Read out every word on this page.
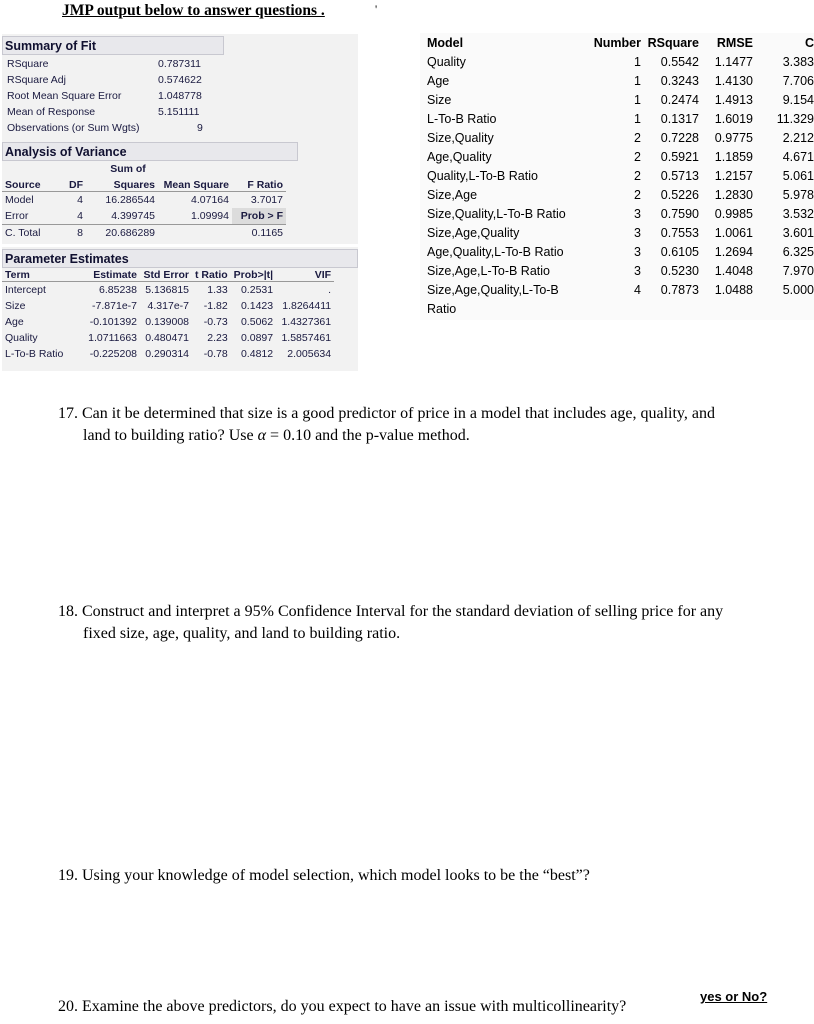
JMP output below to answer questions .	'
Summary of Fit
RSquare	0.787311
RSquare Adj	0.574622
Root Mean Square Error	1.048778
Mean of Response	5.151111
Observations (or Sum Wgts)	9
Analysis of Variance
Sum of
Source	DF	Squares	Mean Square	F Ratio
Model	4	16.286544	4.07164	3.7017
Error	4	4.399745	1.09994	Prob > F
C. Total	8	20.686289		0.1165
Parameter Estimates
Term	Estimate	Std Error	t Ratio	Prob>|t|	VIF
Intercept	6.85238	5.136815	1.33	0.2531	.
Size	-7.871e-7	4.317e-7	-1.82	0.1423	1.8264411
Age	-0.101392	0.139008	-0.73	0.5062	1.4327361
Quality	1.0711663	0.480471	2.23	0.0897	1.5857461
L-To-B Ratio	-0.225208	0.290314	-0.78	0.4812	2.005634
Model	Number	RSquare	RMSE	C
Quality	1	0.5542	1.1477	3.383
Age	1	0.3243	1.4130	7.706
Size	1	0.2474	1.4913	9.154
L-To-B Ratio	1	0.1317	1.6019	11.329
Size,Quality	2	0.7228	0.9775	2.212
Age,Quality	2	0.5921	1.1859	4.671
Quality,L-To-B Ratio	2	0.5713	1.2157	5.061
Size,Age	2	0.5226	1.2830	5.978
Size,Quality,L-To-B Ratio	3	0.7590	0.9985	3.532
Size,Age,Quality	3	0.7553	1.0061	3.601
Age,Quality,L-To-B Ratio	3	0.6105	1.2694	6.325
Size,Age,L-To-B Ratio	3	0.5230	1.4048	7.970
Size,Age,Quality,L-To-B	4	0.7873	1.0488	5.000
Ratio				
17. Can it be determined that size is a good predictor of price in a model that includes age, quality, and
land to building ratio? Use α = 0.10 and the p-value method.
18. Construct and interpret a 95% Confidence Interval for the standard deviation of selling price for any
fixed size, age, quality, and land to building ratio.
19. Using your knowledge of model selection, which model looks to be the “best”?
20. Examine the above predictors, do you expect to have an issue with multicollinearity?
yes or No?
